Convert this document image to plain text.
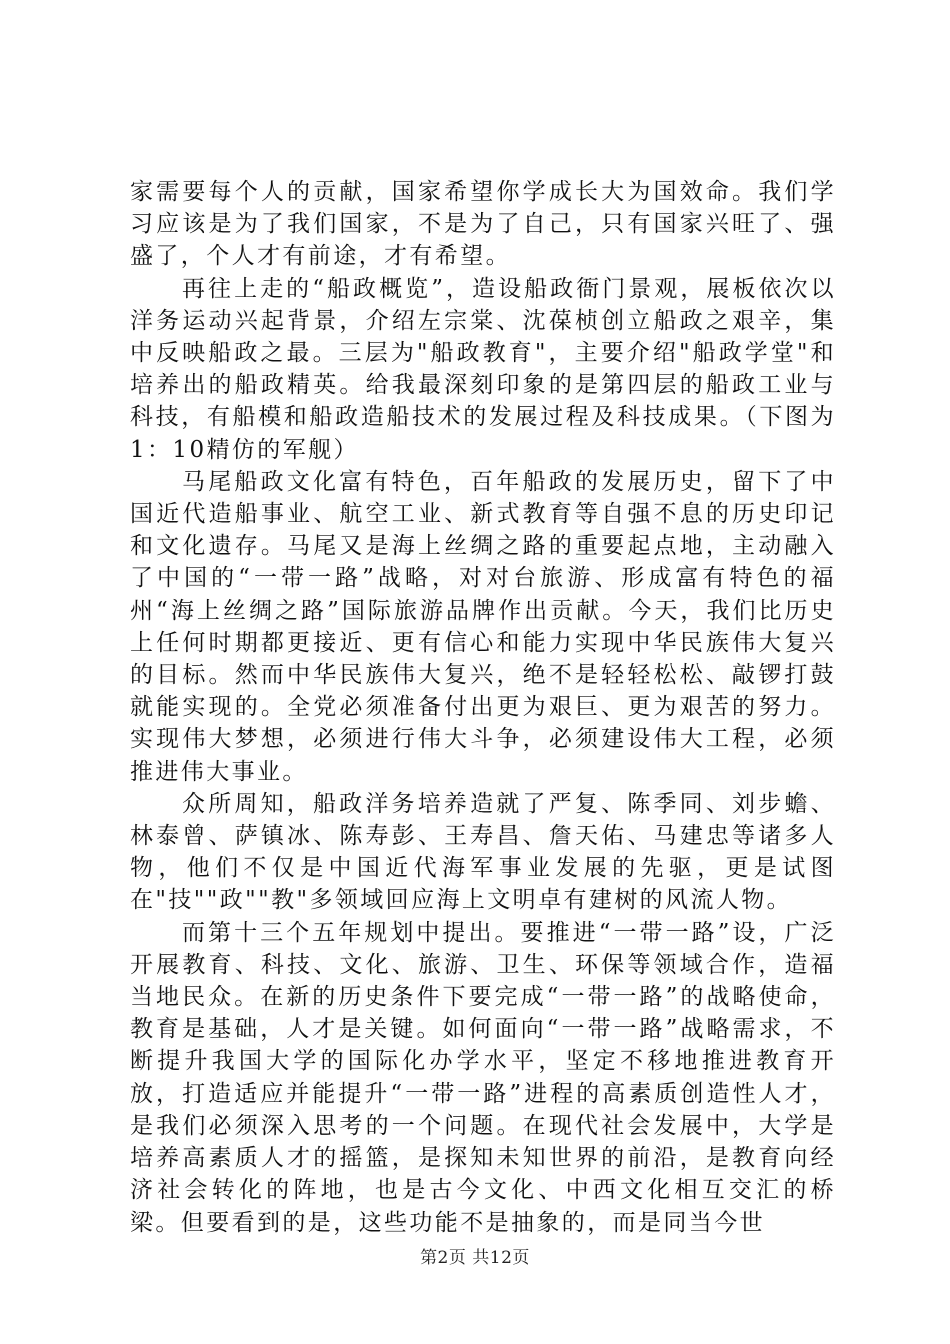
家需要每个人的贡献，国家希望你学成长大为国效命。我们学习应该是为了我们国家，不是为了自己，只有国家兴旺了、强盛了，个人才有前途，才有希望。

再往上走的“船政概览”，造设船政衙门景观，展板依次以洋务运动兴起背景，介绍左宗棠、沈葆桢创立船政之艰辛，集中反映船政之最。三层为"船政教育"，主要介绍"船政学堂"和培养出的船政精英。给我最深刻印象的是第四层的船政工业与科技，有船模和船政造船技术的发展过程及科技成果。（下图为1：10精仿的军舰）

马尾船政文化富有特色，百年船政的发展历史，留下了中国近代造船事业、航空工业、新式教育等自强不息的历史印记和文化遗存。马尾又是海上丝绸之路的重要起点地，主动融入了中国的“一带一路”战略，对对台旅游、形成富有特色的福州“海上丝绸之路”国际旅游品牌作出贡献。今天，我们比历史上任何时期都更接近、更有信心和能力实现中华民族伟大复兴的目标。然而中华民族伟大复兴，绝不是轻轻松松、敲锣打鼓就能实现的。全党必须准备付出更为艰巨、更为艰苦的努力。实现伟大梦想，必须进行伟大斗争，必须建设伟大工程，必须推进伟大事业。

众所周知，船政洋务培养造就了严复、陈季同、刘步蟾、林泰曾、萨镇冰、陈寿彭、王寿昌、詹天佑、马建忠等诸多人物，他们不仅是中国近代海军事业发展的先驱，更是试图在"技""政""教"多领域回应海上文明卓有建树的风流人物。

而第十三个五年规划中提出。要推进“一带一路”设，广泛开展教育、科技、文化、旅游、卫生、环保等领域合作，造福当地民众。在新的历史条件下要完成“一带一路”的战略使命，教育是基础，人才是关键。如何面向“一带一路”战略需求，不断提升我国大学的国际化办学水平，坚定不移地推进教育开放，打造适应并能提升“一带一路”进程的高素质创造性人才，是我们必须深入思考的一个问题。在现代社会发展中，大学是培养高素质人才的摇篮，是探知未知世界的前沿，是教育向经济社会转化的阵地，也是古今文化、中西文化相互交汇的桥梁。但要看到的是，这些功能不是抽象的，而是同当今世

第2页 共12页
